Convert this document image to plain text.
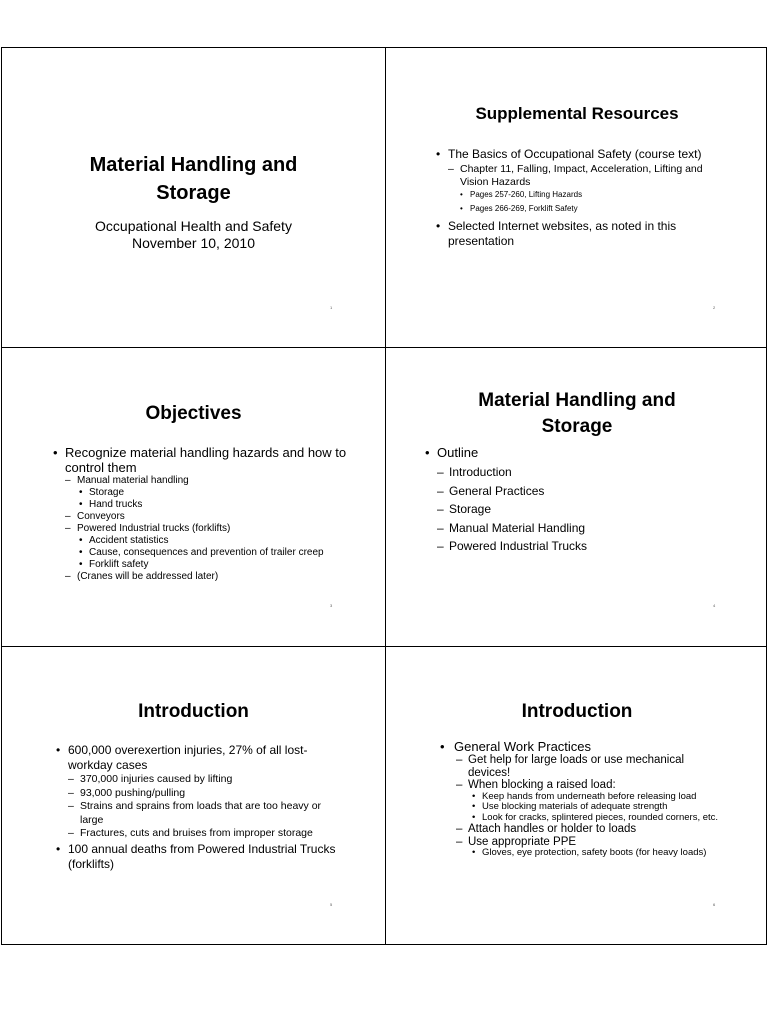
Material Handling and Storage
Occupational Health and Safety
November 10, 2010
1
Supplemental Resources
• The Basics of Occupational Safety (course text)
– Chapter 11, Falling, Impact, Acceleration, Lifting and Vision Hazards
• Pages 257-260, Lifting Hazards
• Pages 266-269, Forklift Safety
• Selected Internet websites, as noted in this presentation
2
Objectives
• Recognize material handling hazards and how to control them
– Manual material handling
• Storage
• Hand trucks
– Conveyors
– Powered Industrial trucks (forklifts)
• Accident statistics
• Cause, consequences and prevention of trailer creep
• Forklift safety
– (Cranes will be addressed later)
3
Material Handling and Storage
• Outline
– Introduction
– General Practices
– Storage
– Manual Material Handling
– Powered Industrial Trucks
4
Introduction
• 600,000 overexertion injuries, 27% of all lost-workday cases
– 370,000 injuries caused by lifting
– 93,000 pushing/pulling
– Strains and sprains from loads that are too heavy or large
– Fractures, cuts and bruises from improper storage
• 100 annual deaths from Powered Industrial Trucks (forklifts)
5
Introduction
• General Work Practices
– Get help for large loads or use mechanical devices!
– When blocking a raised load:
• Keep hands from underneath before releasing load
• Use blocking materials of adequate strength
• Look for cracks, splintered pieces, rounded corners, etc.
– Attach handles or holder to loads
– Use appropriate PPE
• Gloves, eye protection, safety boots (for heavy loads)
6
